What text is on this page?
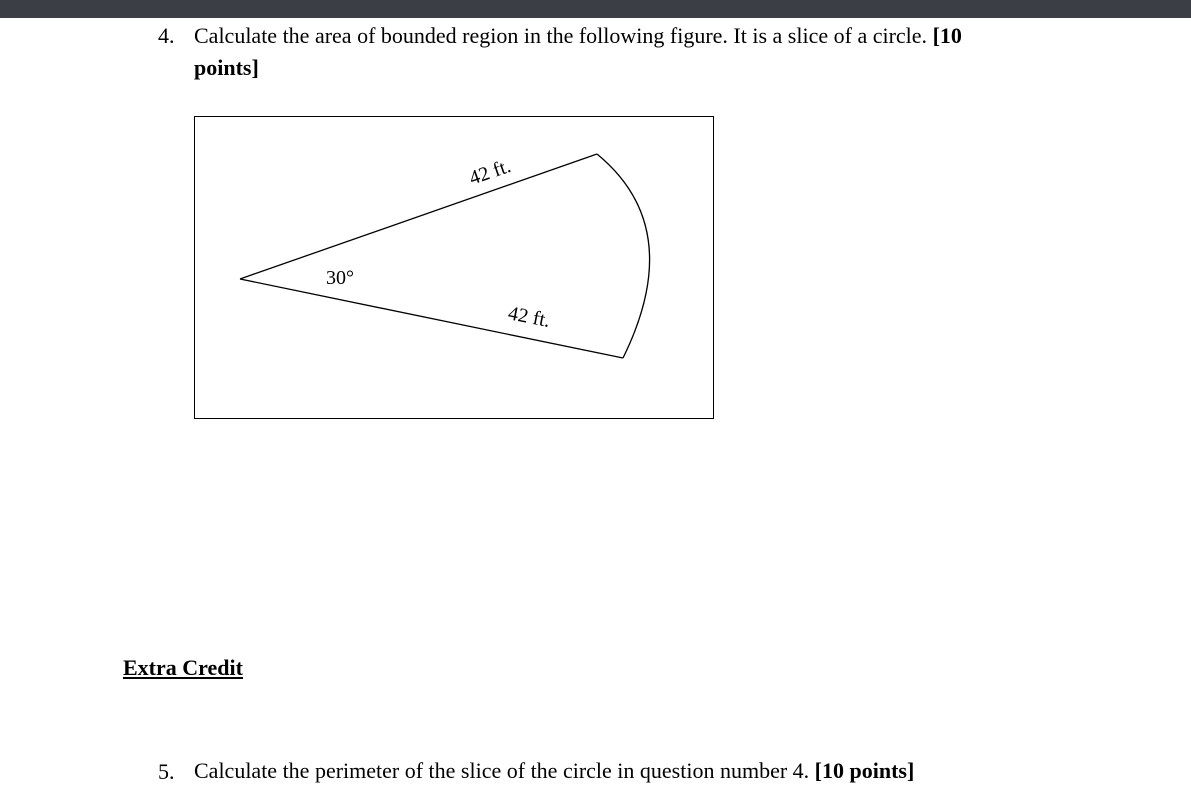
4. Calculate the area of bounded region in the following figure. It is a slice of a circle. [10
points]
42 ft.
42 ft.
30°
Extra Credit
5. Calculate the perimeter of the slice of the circle in question number 4. [10 points]
